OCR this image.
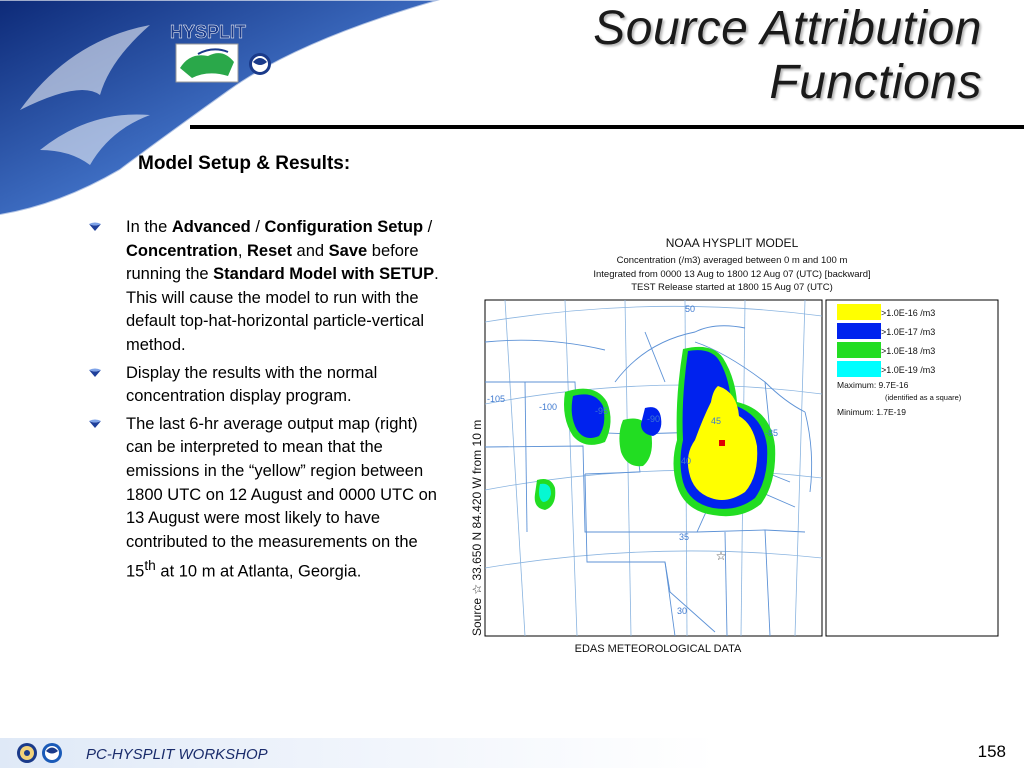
HYSPLIT	Source Attribution
Functions
Model Setup & Results:
In the Advanced / Configuration Setup / Concentration, Reset and Save before running the Standard Model with SETUP. This will cause the model to run with the default top-hat-horizontal particle-vertical method.
Display the results with the normal concentration display program.
The last 6-hr average output map (right) can be interpreted to mean that the emissions in the “yellow” region between 1800 UTC on 12 August and 0000 UTC on 13 August were most likely to have contributed to the measurements on the 15th at 10 m at Atlanta, Georgia.
NOAA HYSPLIT MODEL
Concentration (/m3) averaged between 0 m and 100 m
Integrated from 0000 13 Aug to 1800 12 Aug 07 (UTC) [backward]
TEST Release started at 1800 15 Aug 07 (UTC)
Source ☆ 33.650 N 84.420 W from 10 m	☆
50
45
40
35
30
-105
-100	-95
-90
-85
EDAS METEOROLOGICAL DATA
>1.0E-16 /m3
>1.0E-17 /m3
>1.0E-18 /m3
>1.0E-19 /m3
Maximum: 9.7E-16
(identified as a square)
Minimum: 1.7E-19
PC-HYSPLIT WORKSHOP	158
